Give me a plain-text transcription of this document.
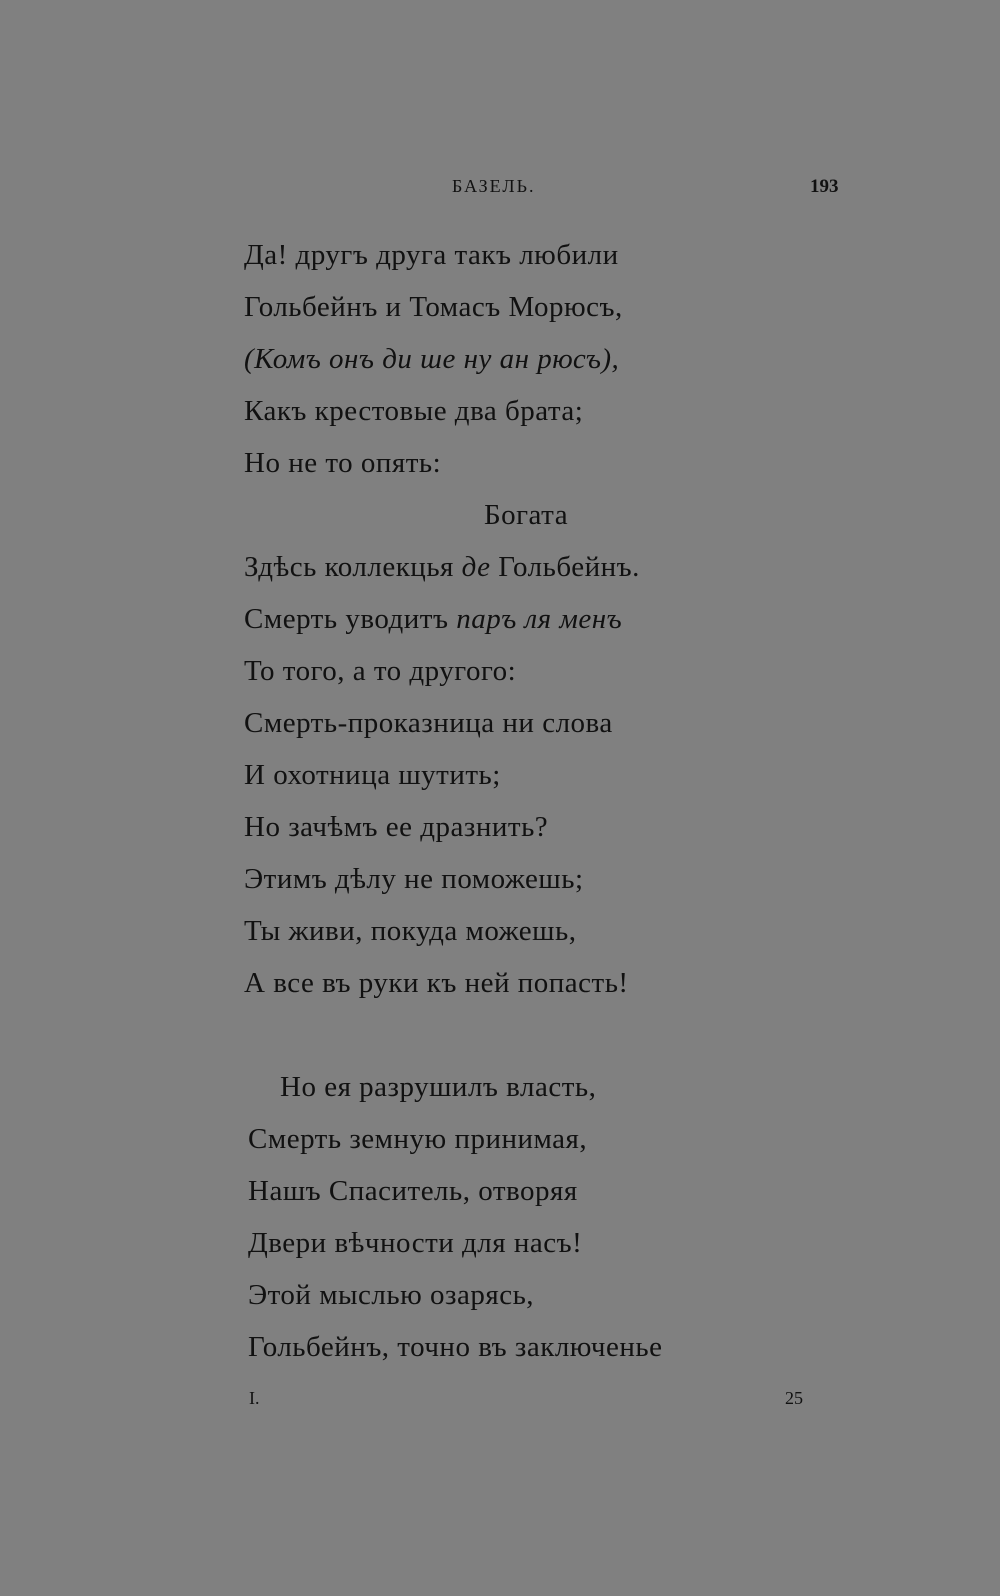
БАЗЕЛЬ.	193
Да! другъ друга такъ любили
Гольбейнъ и Томасъ Морюсъ,
(Комъ онъ ди ше ну ан рюсъ),
Какъ крестовые два брата;
Но не то опять:
Богата
Здѣсь коллекцья де Гольбейнъ.
Смерть уводитъ паръ ля менъ
То того, а то другого:
Смерть-проказница ни слова
И охотница шутить;
Но зачѣмъ ее дразнить?
Этимъ дѣлу не поможешь;
Ты живи, покуда можешь,
А все въ руки къ ней попасть!
Но ея разрушилъ власть,
Смерть земную принимая,
Нашъ Спаситель, отворяя
Двери вѣчности для насъ!
Этой мыслью озарясь,
Гольбейнъ, точно въ заключенье
I.	25
